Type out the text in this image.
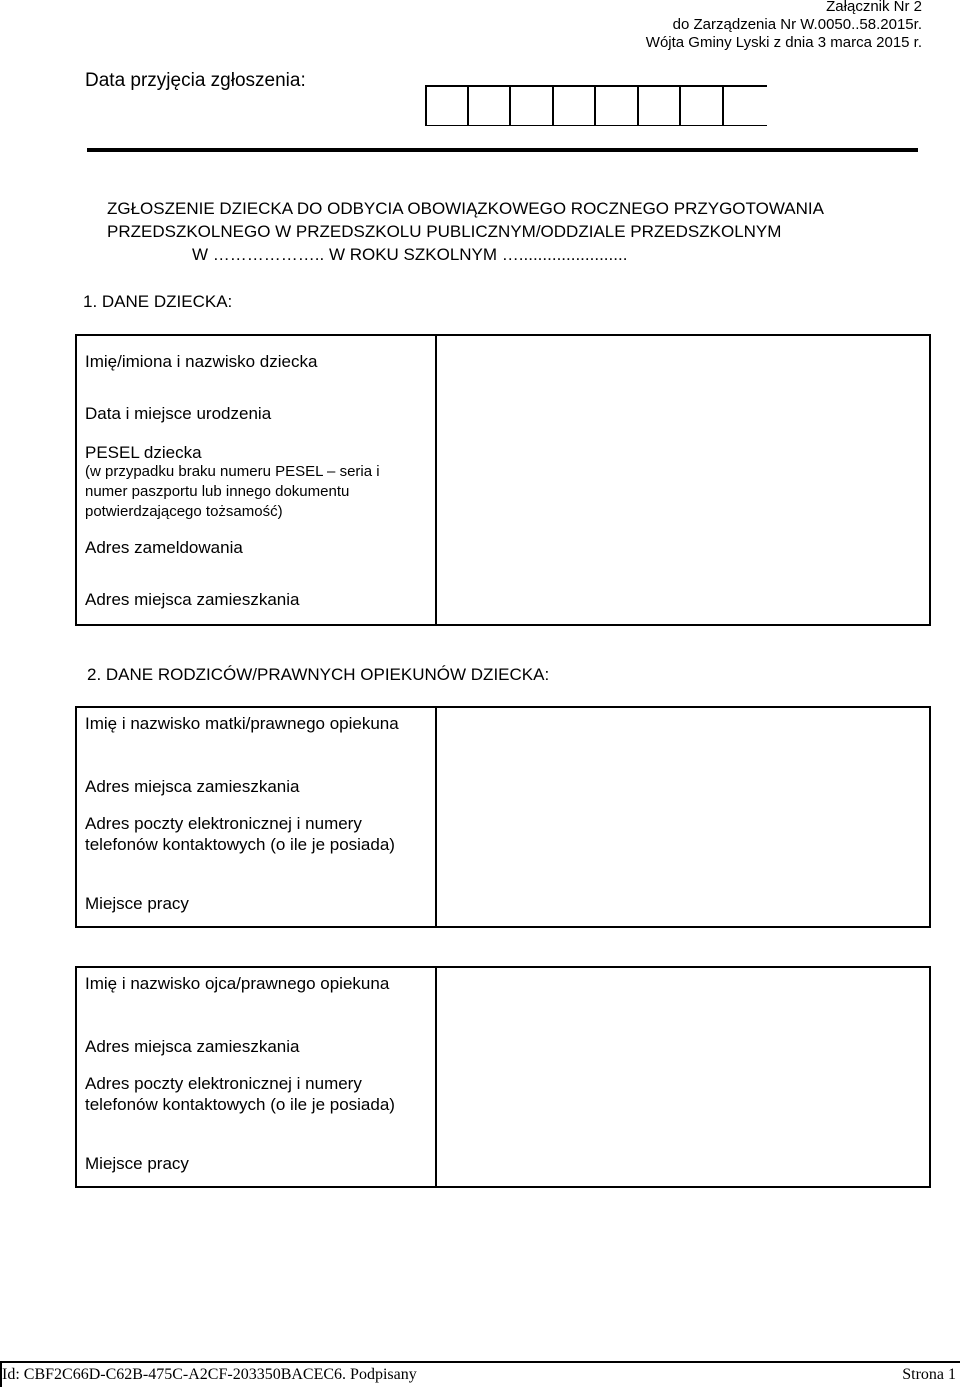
Załącznik Nr 2
do Zarządzenia Nr W.0050..58.2015r.
Wójta Gminy Lyski z dnia 3 marca 2015 r.
Data przyjęcia zgłoszenia:
ZGŁOSZENIE DZIECKA DO ODBYCIA OBOWIĄZKOWEGO ROCZNEGO PRZYGOTOWANIA
PRZEDSZKOLNEGO W PRZEDSZKOLU PUBLICZNYM/ODDZIALE PRZEDSZKOLNYM
W ……………….. W ROKU SZKOLNYM ….......................
1. DANE DZIECKA:
Imię/imiona i nazwisko dziecka
Data i miejsce urodzenia
PESEL dziecka
(w przypadku braku numeru PESEL – seria i numer paszportu lub innego dokumentu potwierdzającego tożsamość)
Adres zameldowania
Adres miejsca zamieszkania
2. DANE RODZICÓW/PRAWNYCH OPIEKUNÓW DZIECKA:
Imię i nazwisko matki/prawnego opiekuna
Adres miejsca zamieszkania
Adres poczty elektronicznej i numery telefonów kontaktowych (o ile je posiada)
Miejsce pracy
Imię i nazwisko ojca/prawnego opiekuna
Adres miejsca zamieszkania
Adres poczty elektronicznej i numery telefonów kontaktowych (o ile je posiada)
Miejsce pracy
Id: CBF2C66D-C62B-475C-A2CF-203350BACEC6. Podpisany	Strona 1
